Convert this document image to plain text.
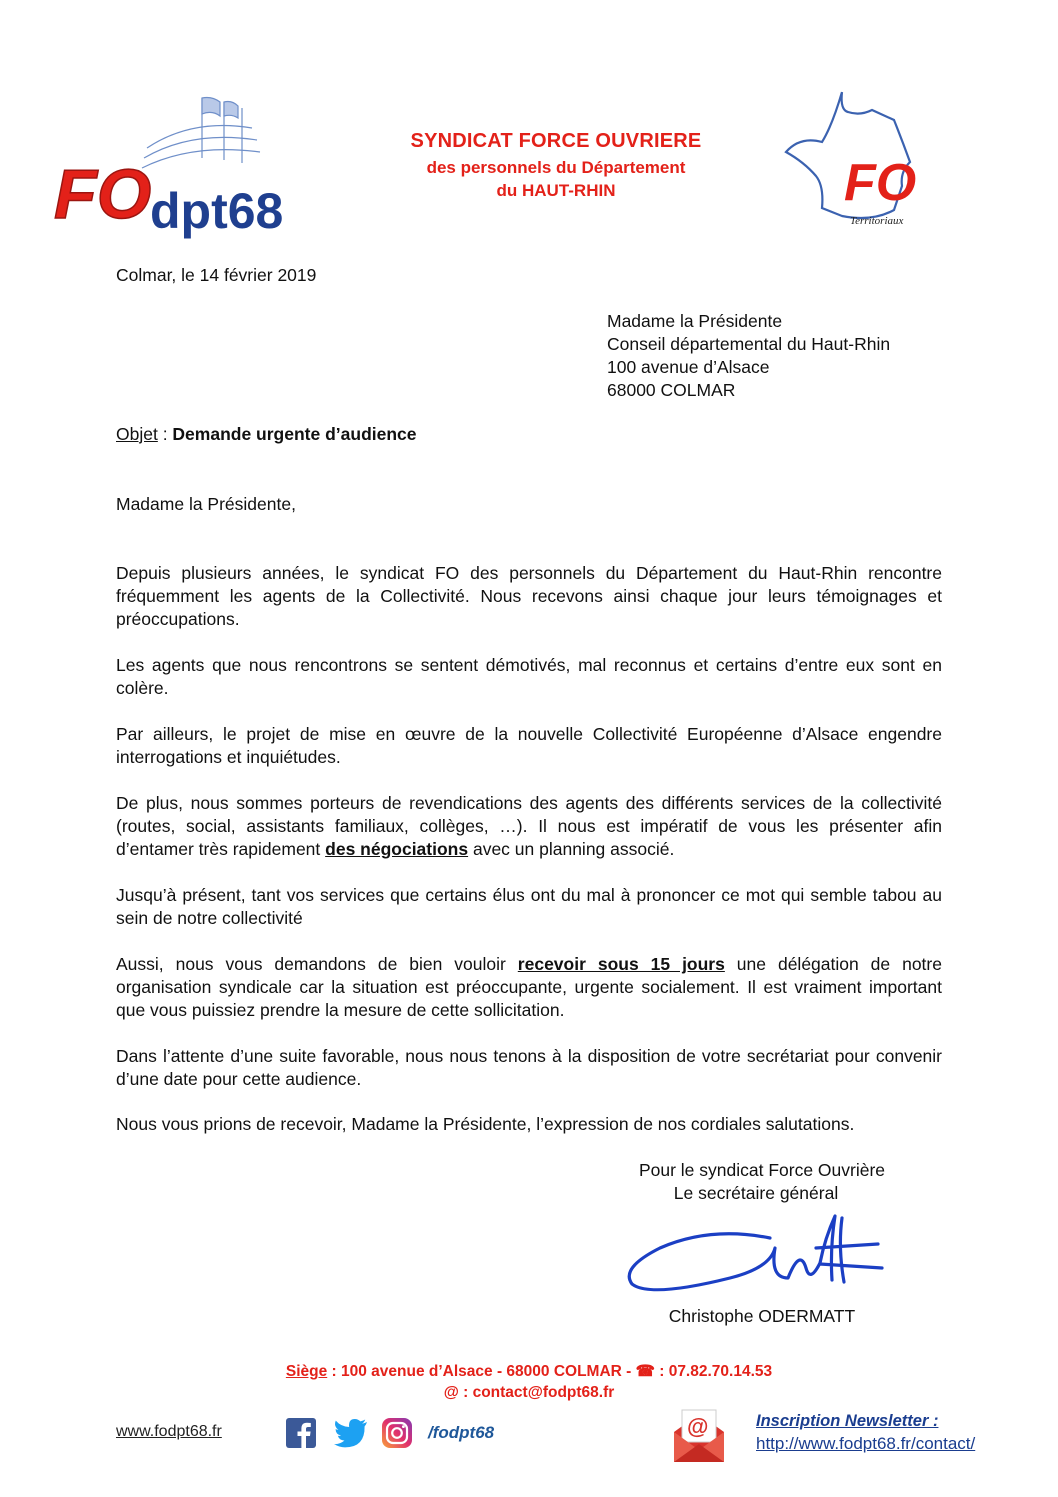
FO
dpt68
SYNDICAT FORCE OUVRIERE
des personnels du Département
du HAUT-RHIN	FO
Territoriaux
Colmar, le 14 février 2019
Madame la Présidente
Conseil départemental du Haut-Rhin
100 avenue d’Alsace
68000 COLMAR
Objet : Demande urgente d’audience
Madame la Présidente,
Depuis plusieurs années, le syndicat FO des personnels du Département du Haut-Rhin rencontre fréquemment les agents de la Collectivité. Nous recevons ainsi chaque jour leurs témoignages et préoccupations.
Les agents que nous rencontrons se sentent démotivés, mal reconnus et certains d’entre eux sont en colère.
Par ailleurs, le projet de mise en œuvre de la nouvelle Collectivité Européenne d’Alsace engendre interrogations et inquiétudes.
De plus, nous sommes porteurs de revendications des agents des différents services de la collectivité (routes, social, assistants familiaux, collèges, …). Il nous est impératif de vous les présenter afin d’entamer très rapidement des négociations avec un planning associé.
Jusqu’à présent, tant vos services que certains élus ont du mal à prononcer ce mot qui semble tabou au sein de notre collectivité
Aussi, nous vous demandons de bien vouloir recevoir sous 15 jours une délégation de notre organisation syndicale car la situation est préoccupante, urgente socialement. Il est vraiment important que vous puissiez prendre la mesure de cette sollicitation.
Dans l’attente d’une suite favorable, nous nous tenons à la disposition de votre secrétariat pour convenir d’une date pour cette audience.
Nous vous prions de recevoir, Madame la Présidente, l’expression de nos cordiales salutations.
Pour le syndicat Force Ouvrière
Le secrétaire général
Christophe ODERMATT
Siège : 100 avenue d’Alsace - 68000 COLMAR - ☎ : 07.82.70.14.53
@ : contact@fodpt68.fr
www.fodpt68.fr	/fodpt68	@	Inscription Newsletter :
http://www.fodpt68.fr/contact/
